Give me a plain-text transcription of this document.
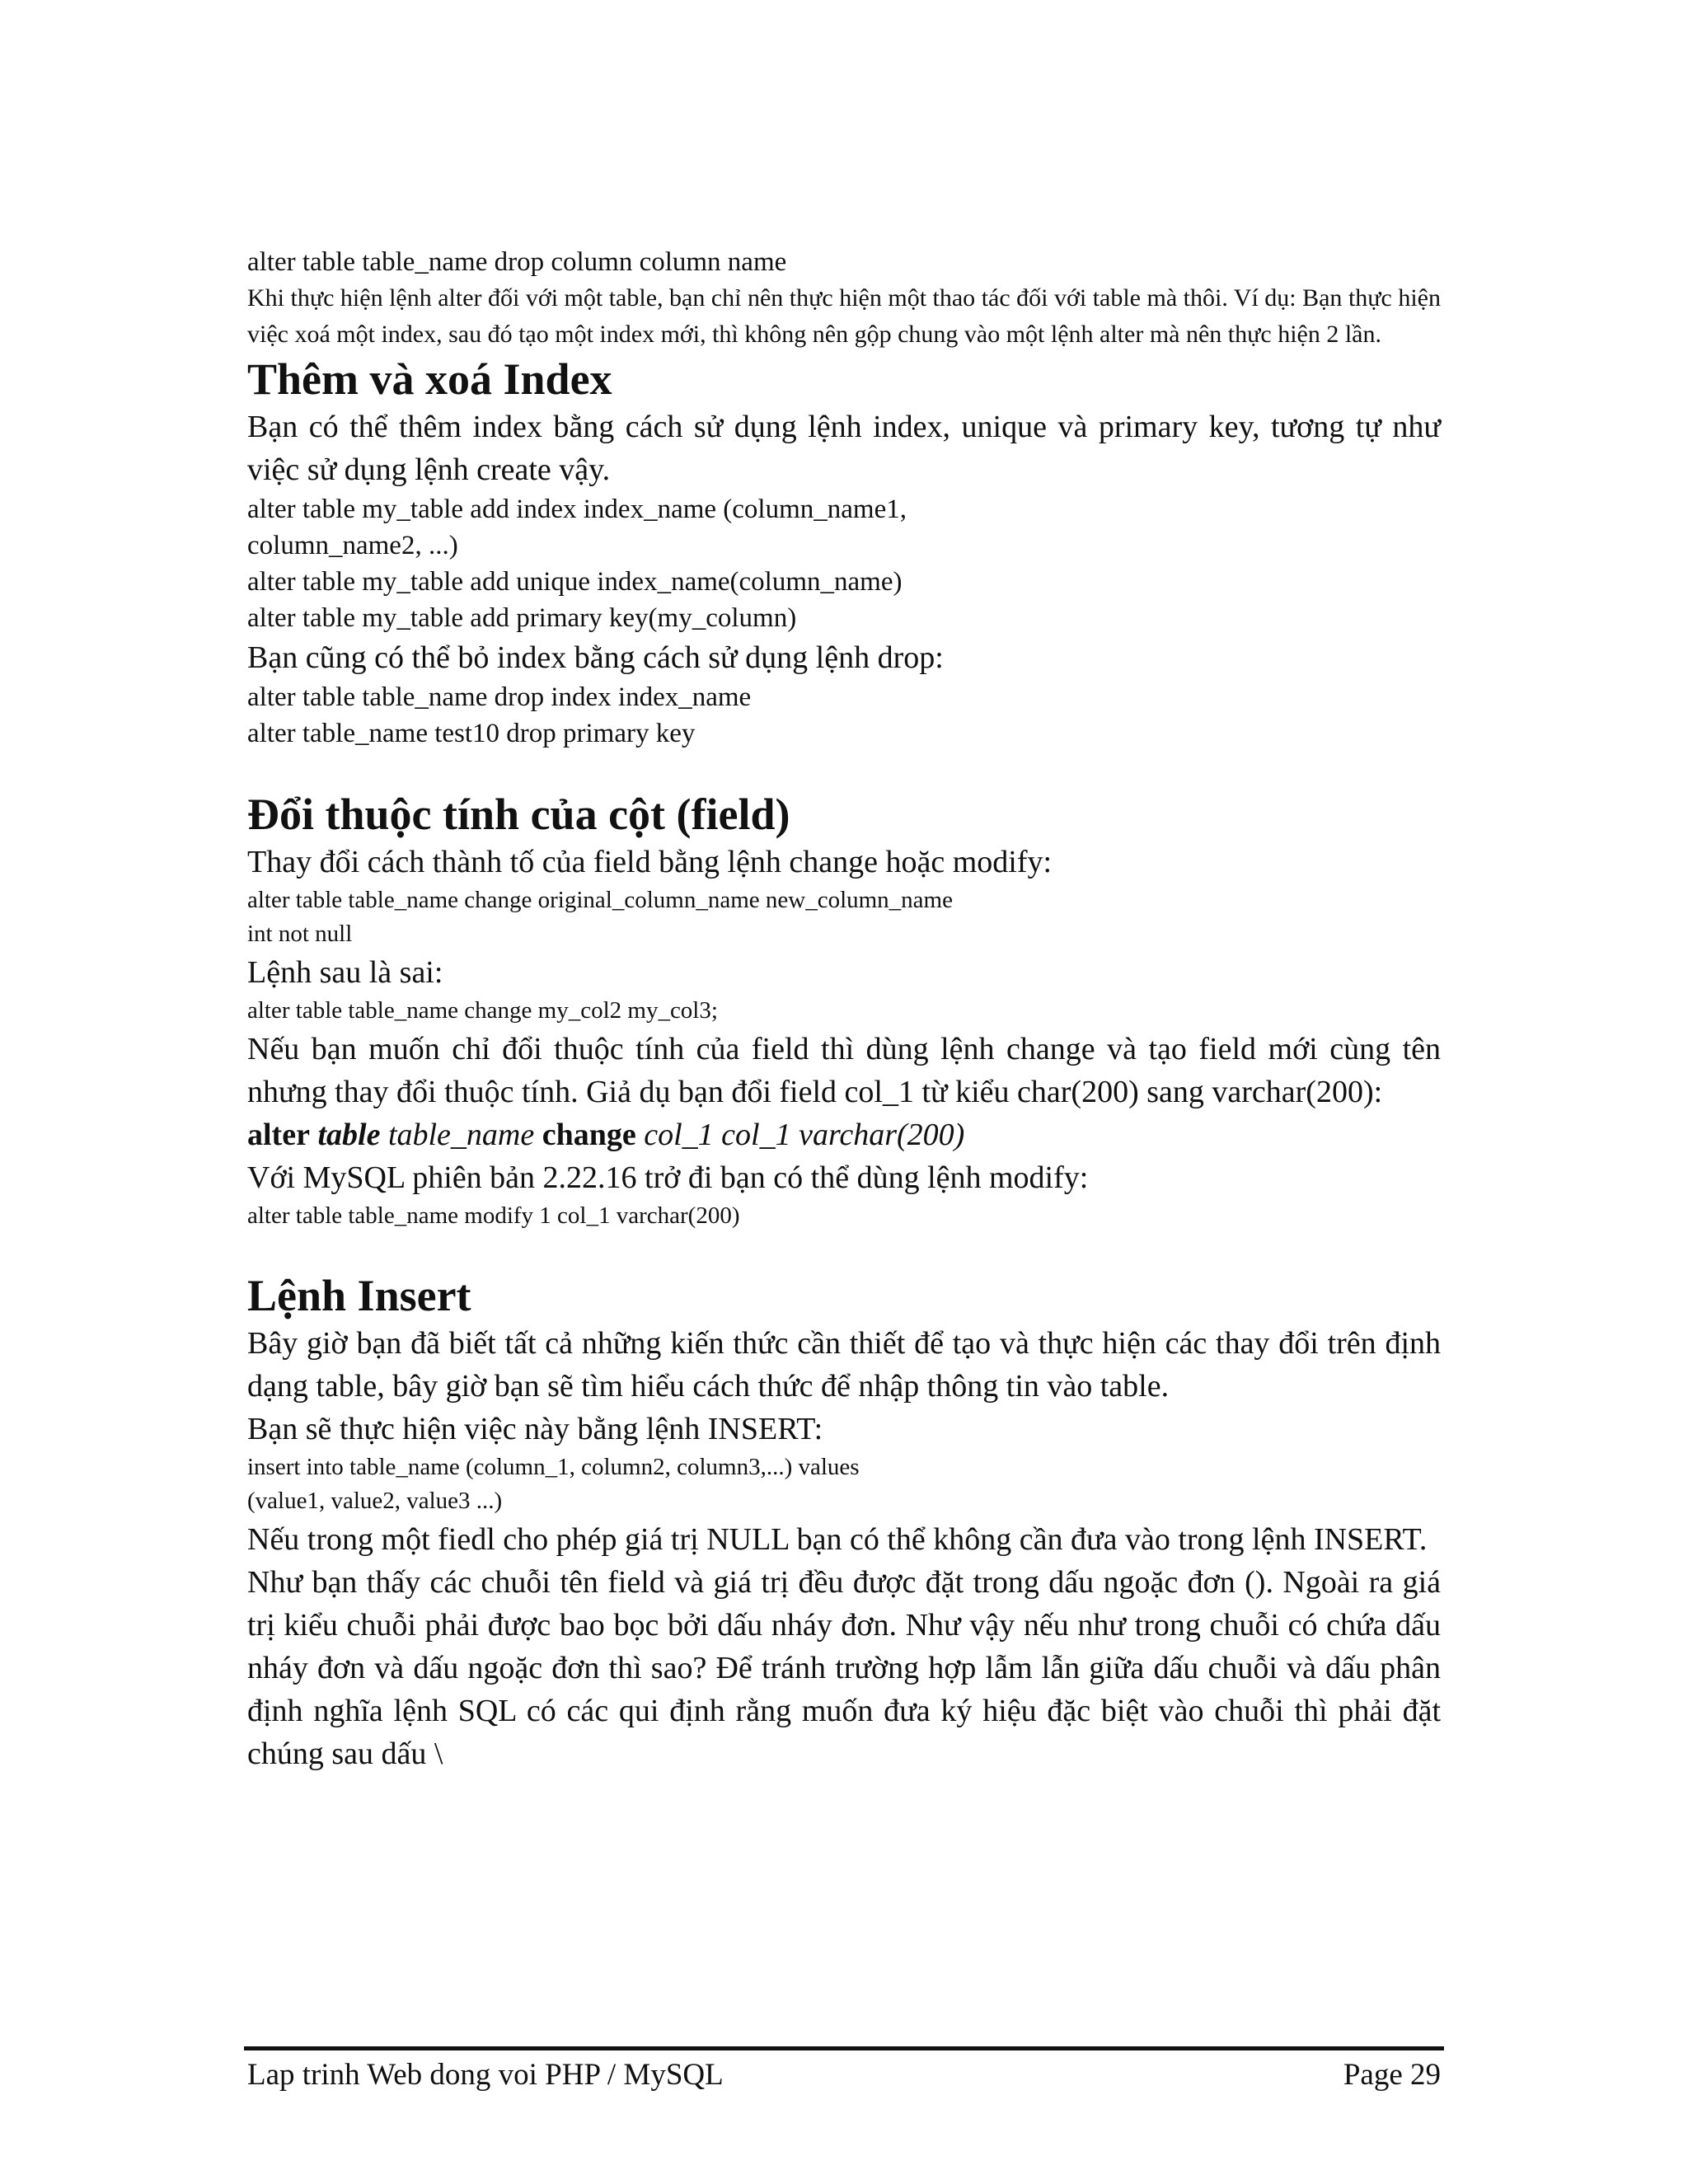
alter table table_name drop column column name

Khi thực hiện lệnh alter đối với một table, bạn chỉ nên thực hiện một thao tác đối với table mà thôi. Ví dụ: Bạn thực hiện việc xoá một index, sau đó tạo một index mới, thì không nên gộp chung vào một lệnh alter mà nên thực hiện 2 lần.

Thêm và xoá Index

Bạn có thể thêm index bằng cách sử dụng lệnh index, unique và primary key, tương tự như việc sử dụng lệnh create vậy.

alter table my_table add index index_name (column_name1,

column_name2, ...)

alter table my_table add unique index_name(column_name)

alter table my_table add primary key(my_column)

Bạn cũng có thể bỏ index bằng cách sử dụng lệnh drop:

alter table table_name drop index index_name

alter table_name test10 drop primary key

Đổi thuộc tính của cột (field)

Thay đổi cách thành tố của field bằng lệnh change hoặc modify:

alter table table_name change original_column_name new_column_name

int not null

Lệnh sau là sai:

alter table table_name change my_col2 my_col3;

Nếu bạn muốn chỉ đổi thuộc tính của field thì dùng lệnh change và tạo field mới cùng tên nhưng thay đổi thuộc tính. Giả dụ bạn đổi field col_1 từ kiểu char(200) sang varchar(200):

alter table table_name change col_1 col_1 varchar(200)

Với MySQL phiên bản 2.22.16 trở đi bạn có thể dùng lệnh modify:

alter table table_name modify 1 col_1 varchar(200)

Lệnh Insert

Bây giờ bạn đã biết tất cả những kiến thức cần thiết để tạo và thực hiện các thay đổi trên định dạng table, bây giờ bạn sẽ tìm hiểu cách thức để nhập thông tin vào table.

Bạn sẽ thực hiện việc này bằng lệnh INSERT:

insert into table_name (column_1, column2, column3,...) values

(value1, value2, value3 ...)

Nếu trong một fiedl cho phép giá trị NULL bạn có thể không cần đưa vào trong lệnh INSERT.

Như bạn thấy các chuỗi tên field và giá trị đều được đặt trong dấu ngoặc đơn (). Ngoài ra giá trị kiểu chuỗi phải được bao bọc bởi dấu nháy đơn. Như vậy nếu như trong chuỗi có chứa dấu nháy đơn và dấu ngoặc đơn thì sao? Để tránh trường hợp lẫm lẫn giữa dấu chuỗi và dấu phân định nghĩa lệnh SQL có các qui định rằng muốn đưa ký hiệu đặc biệt vào chuỗi thì phải đặt chúng sau dấu \

Lap trinh Web dong voi PHP / MySQL	Page 29
